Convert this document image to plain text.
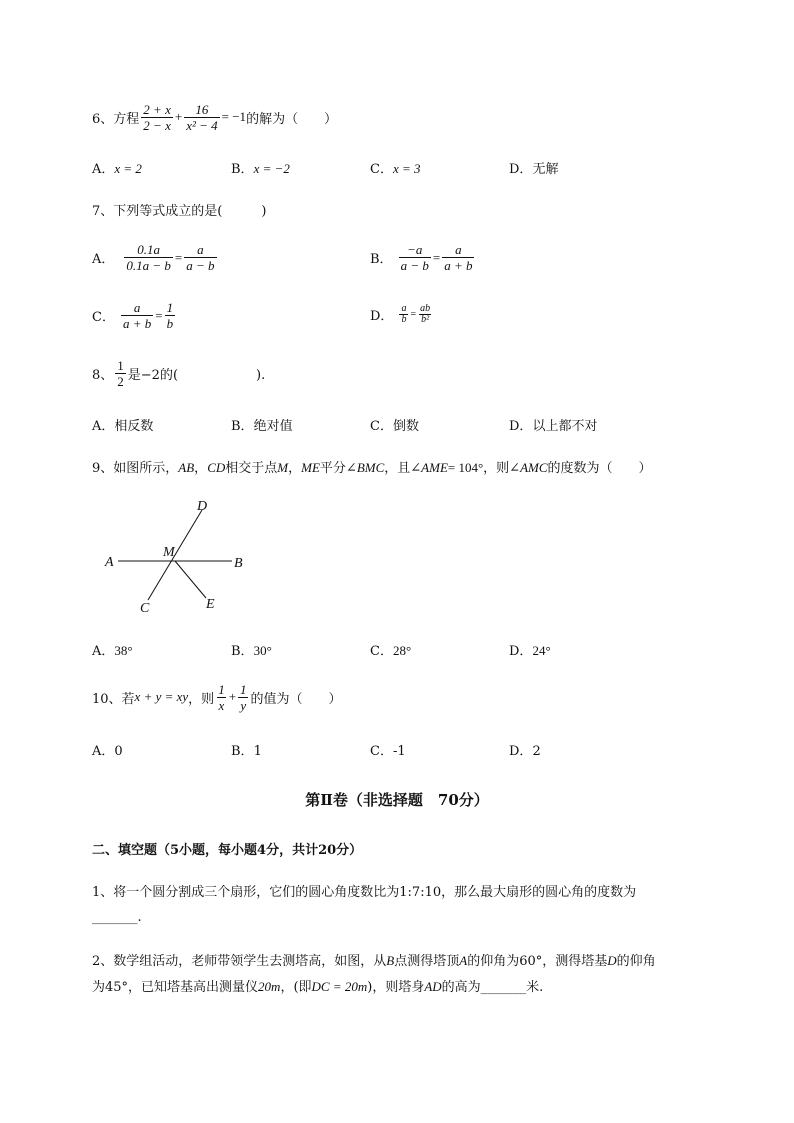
6、 方程 $\frac{2 + x}{2 - x} + \frac{16}{\text{x² − 4}} = -1$ 的解为（　　）
A．x = 2	B．x = −2	C．x = 3	D．无解
7、下列等式成立的是(　　　)
A． $\frac{0.1a}{0.1a - b} = \frac{a}{a - b}$	B． $\frac{-a}{a - b} = \frac{a}{a + b}$
C． $\frac{a}{a + b} = \frac{1}{b}$	D． $\frac{a}{b} = \frac{ab}{\text{b²}}$
8、 $\frac{1}{2}$ 是−2的(　　　　　　).
A．相反数	B．绝对值	C．倒数	D．以上都不对
9、如图所示，AB，CD相交于点M，ME平分∠BMC，且∠AME= 104°，则∠AMC的度数为（　　）
A	B
C
D
E
M
A．38°	B．30°	C．28°	D．24°
10、若 x + y = xy ，则 $\frac{1}{x} + \frac{1}{y}$ 的值为（　　）
A．0	B．1	C．-1	D．2
第Ⅱ卷（非选择题　70分）
二、填空题（5小题，每小题4分，共计20分）
1、将一个圆分割成三个扇形，它们的圆心角度数比为1:7:10，那么最大扇形的圆心角的度数为
_______.
2、数学组活动，老师带领学生去测塔高，如图，从B点测得塔顶A的仰角为60°，测得塔基D的仰角
为45°，已知塔基高出测量仪20m，(即DC = 20m)，则塔身AD的高为_______米.
